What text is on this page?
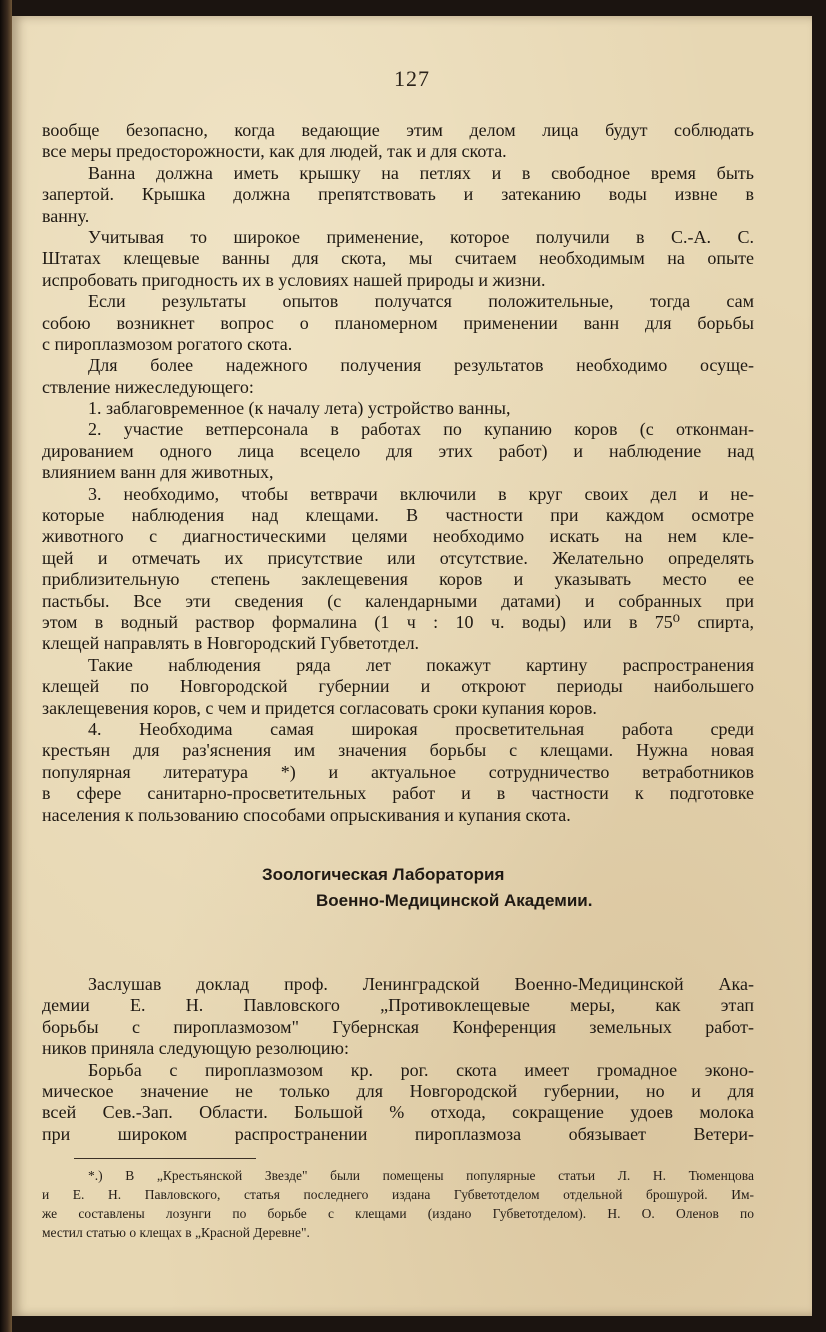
127
вообще безопасно, когда ведающие этим делом лица будут соблюдать
все меры предосторожности, как для людей, так и для скота.
Ванна должна иметь крышку на петлях и в свободное время быть
запертой. Крышка должна препятствовать и затеканию воды извне в
ванну.
Учитывая то широкое применение, которое получили в С.-А. С.
Штатах клещевые ванны для скота, мы считаем необходимым на опыте
испробовать пригодность их в условиях нашей природы и жизни.
Если результаты опытов получатся положительные, тогда сам
собою возникнет вопрос о планомерном применении ванн для борьбы
с пироплазмозом рогатого скота.
Для более надежного получения результатов необходимо осуще-
ствление нижеследующего:
1. заблаговременное (к началу лета) устройство ванны,
2. участие ветперсонала в работах по купанию коров (с отконман-
дированием одного лица всецело для этих работ) и наблюдение над
влиянием ванн для животных,
3. необходимо, чтобы ветврачи включили в круг своих дел и не-
которые наблюдения над клещами. В частности при каждом осмотре
животного с диагностическими целями необходимо искать на нем кле-
щей и отмечать их присутствие или отсутствие. Желательно определять
приблизительную степень заклещевения коров и указывать место ее
пастьбы. Все эти сведения (с календарными датами) и собранных при
этом в водный раствор формалина (1 ч : 10 ч. воды) или в 75⁰ спирта,
клещей направлять в Новгородский Губветотдел.
Такие наблюдения ряда лет покажут картину распространения
клещей по Новгородской губернии и откроют периоды наибольшего
заклещевения коров, с чем и придется согласовать сроки купания коров.
4. Необходима самая широкая просветительная работа среди
крестьян для раз'яснения им значения борьбы с клещами. Нужна новая
популярная литература *) и актуальное сотрудничество ветработников
в сфере санитарно-просветительных работ и в частности к подготовке
населения к пользованию способами опрыскивания и купания скота.
Зоологическая Лаборатория
Военно-Медицинской Академии.
Заслушав доклад проф. Ленинградской Военно-Медицинской Ака-
демии Е. Н. Павловского „Противоклещевые меры, как этап
борьбы с пироплазмозом" Губернская Конференция земельных работ-
ников приняла следующую резолюцию:
Борьба с пироплазмозом кр. рог. скота имеет громадное эконо-
мическое значение не только для Новгородской губернии, но и для
всей Сев.-Зап. Области. Большой % отхода, сокращение удоев молока
при широком распространении пироплазмоза обязывает Ветери-
*.) В „Крестьянской Звезде" были помещены популярные статьи Л. Н. Тюменцова
и Е. Н. Павловского, статья последнего издана Губветотделом отдельной брошурой. Им-
же составлены лозунги по борьбе с клещами (издано Губветотделом). Н. О. Оленов по
местил статью о клещах в „Красной Деревне".
